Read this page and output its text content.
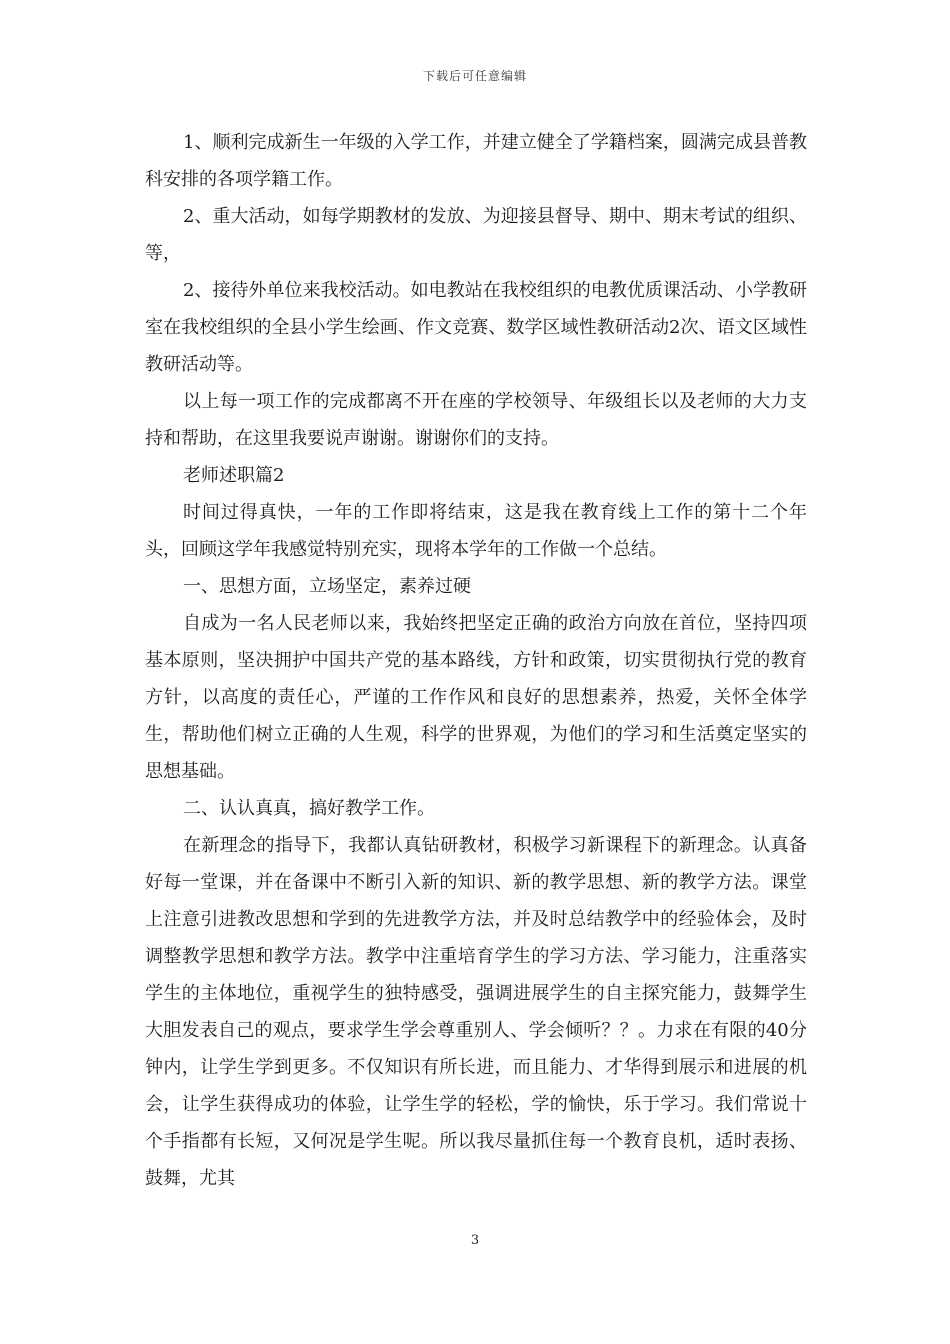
下载后可任意编辑

1、顺利完成新生一年级的入学工作，并建立健全了学籍档案，圆满完成县普教科安排的各项学籍工作。

2、重大活动，如每学期教材的发放、为迎接县督导、期中、期末考试的组织、等，

2、接待外单位来我校活动。如电教站在我校组织的电教优质课活动、小学教研室在我校组织的全县小学生绘画、作文竞赛、数学区域性教研活动2次、语文区域性教研活动等。

以上每一项工作的完成都离不开在座的学校领导、年级组长以及老师的大力支持和帮助，在这里我要说声谢谢。谢谢你们的支持。

老师述职篇2

时间过得真快，一年的工作即将结束，这是我在教育线上工作的第十二个年头，回顾这学年我感觉特别充实，现将本学年的工作做一个总结。

一、思想方面，立场坚定，素养过硬

自成为一名人民老师以来，我始终把坚定正确的政治方向放在首位，坚持四项基本原则，坚决拥护中国共产党的基本路线，方针和政策，切实贯彻执行党的教育方针，以高度的责任心，严谨的工作作风和良好的思想素养，热爱，关怀全体学生，帮助他们树立正确的人生观，科学的世界观，为他们的学习和生活奠定坚实的思想基础。

二、认认真真，搞好教学工作。

在新理念的指导下，我都认真钻研教材，积极学习新课程下的新理念。认真备好每一堂课，并在备课中不断引入新的知识、新的教学思想、新的教学方法。课堂上注意引进教改思想和学到的先进教学方法，并及时总结教学中的经验体会，及时调整教学思想和教学方法。教学中注重培育学生的学习方法、学习能力，注重落实学生的主体地位，重视学生的独特感受，强调进展学生的自主探究能力，鼓舞学生大胆发表自己的观点，要求学生学会尊重别人、学会倾听？？。力求在有限的40分钟内，让学生学到更多。不仅知识有所长进，而且能力、才华得到展示和进展的机会，让学生获得成功的体验，让学生学的轻松，学的愉快，乐于学习。我们常说十个手指都有长短，又何况是学生呢。所以我尽量抓住每一个教育良机，适时表扬、鼓舞，尤其

3
